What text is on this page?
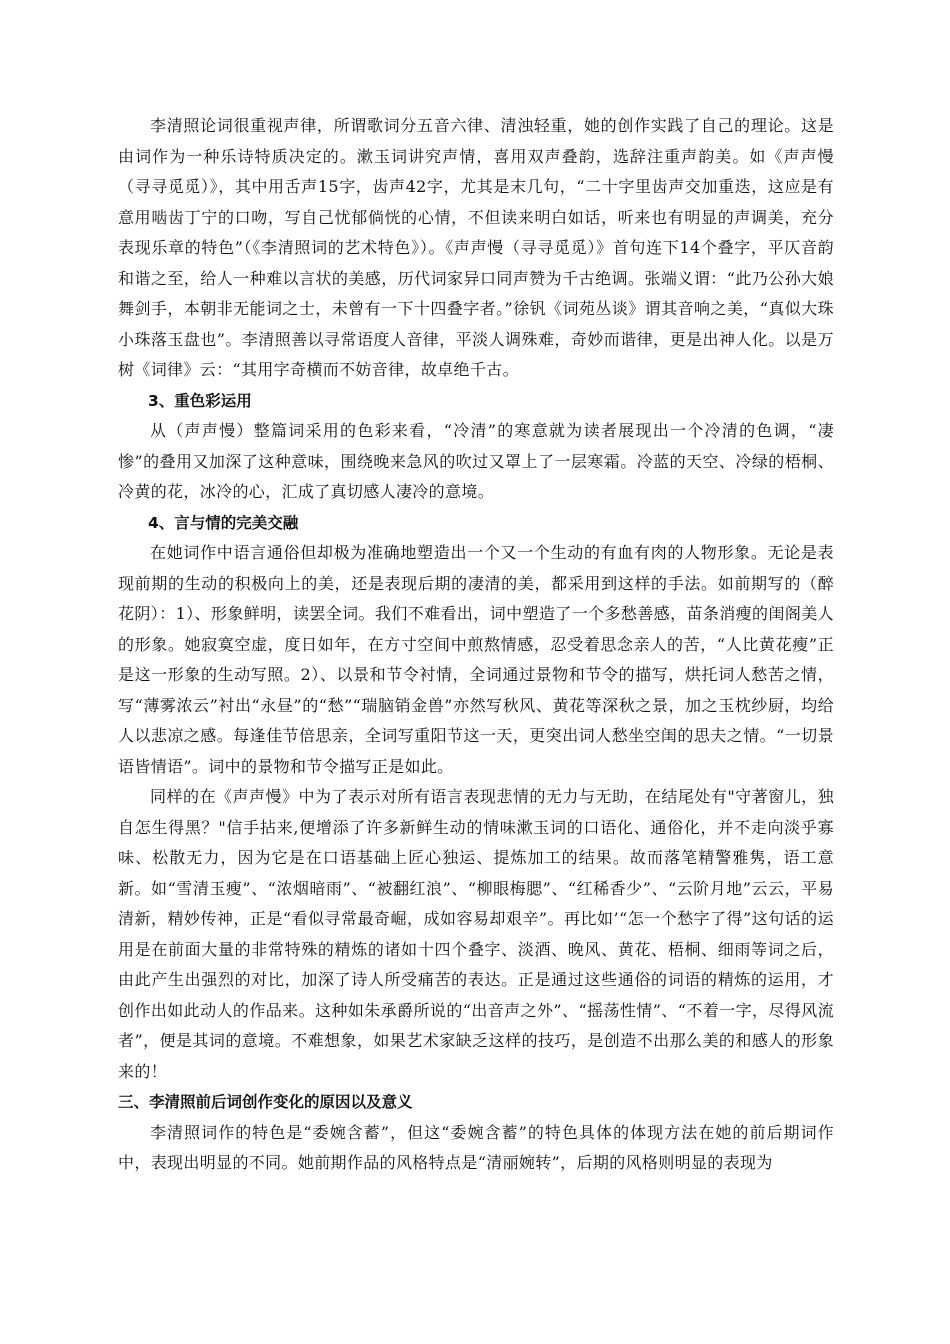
李清照论词很重视声律，所谓歌词分五音六律、清浊轻重，她的创作实践了自己的理论。这是由词作为一种乐诗特质决定的。漱玉词讲究声情，喜用双声叠韵，选辞注重声韵美。如《声声慢（寻寻觅觅）》，其中用舌声15字，齿声42字，尤其是末几句，“二十字里齿声交加重迭，这应是有意用啮齿丁宁的口吻，写自己忧郁倘恍的心情，不但读来明白如话，听来也有明显的声调美，充分表现乐章的特色”（《李清照词的艺术特色》）。《声声慢（寻寻觅觅）》首句连下14个叠字，平仄音韵和谐之至，给人一种难以言状的美感，历代词家异口同声赞为千古绝调。张端义谓：“此乃公孙大娘舞剑手，本朝非无能词之士，未曾有一下十四叠字者。”徐钒《词苑丛谈》谓其音响之美，“真似大珠小珠落玉盘也”。李清照善以寻常语度人音律，平淡人调殊难，奇妙而谐律，更是出神人化。以是万树《词律》云：“其用字奇横而不妨音律，故卓绝千古。

3、重色彩运用

从（声声慢）整篇词采用的色彩来看，“冷清”的寒意就为读者展现出一个冷清的色调，“凄惨”的叠用又加深了这种意味，围绕晚来急风的吹过又罩上了一层寒霜。冷蓝的天空、冷绿的梧桐、冷黄的花，冰冷的心，汇成了真切感人凄冷的意境。

4、言与情的完美交融

在她词作中语言通俗但却极为准确地塑造出一个又一个生动的有血有肉的人物形象。无论是表现前期的生动的积极向上的美，还是表现后期的凄清的美，都采用到这样的手法。如前期写的（醉花阴）：1）、形象鲜明，读罢全词。我们不难看出，词中塑造了一个多愁善感，苗条消瘦的闺阁美人的形象。她寂寞空虚，度日如年，在方寸空间中煎熬情感，忍受着思念亲人的苦，“人比黄花瘦”正是这一形象的生动写照。2）、以景和节令衬情，全词通过景物和节令的描写，烘托词人愁苦之情，写“薄雾浓云”衬出“永昼”的“愁”“瑞脑销金兽”亦然写秋风、黄花等深秋之景，加之玉枕纱厨，均给人以悲凉之感。每逢佳节倍思亲，全词写重阳节这一天，更突出词人愁坐空闺的思夫之情。“一切景语皆情语”。词中的景物和节令描写正是如此。

同样的在《声声慢》中为了表示对所有语言表现悲情的无力与无助，在结尾处有"守著窗儿，独自怎生得黑？"信手拈来,便增添了许多新鲜生动的情味漱玉词的口语化、通俗化，并不走向淡乎寡味、松散无力，因为它是在口语基础上匠心独运、提炼加工的结果。故而落笔精警雅隽，语工意新。如“雪清玉瘦”、“浓烟暗雨”、“被翻红浪”、“柳眼梅腮”、“红稀香少”、“云阶月地”云云，平易清新，精妙传神，正是“看似寻常最奇崛，成如容易却艰辛”。再比如’“怎一个愁字了得”这句话的运用是在前面大量的非常特殊的精炼的诸如十四个叠字、淡酒、晚风、黄花、梧桐、细雨等词之后，由此产生出强烈的对比，加深了诗人所受痛苦的表达。正是通过这些通俗的词语的精炼的运用，才创作出如此动人的作品来。这种如朱承爵所说的“出音声之外”、“摇荡性情”、“不着一字，尽得风流者”，便是其词的意境。不难想象，如果艺术家缺乏这样的技巧，是创造不出那么美的和感人的形象来的！

三、李清照前后词创作变化的原因以及意义

李清照词作的特色是“委婉含蓄”，但这“委婉含蓄”的特色具体的体现方法在她的前后期词作中，表现出明显的不同。她前期作品的风格特点是“清丽婉转”，后期的风格则明显的表现为
